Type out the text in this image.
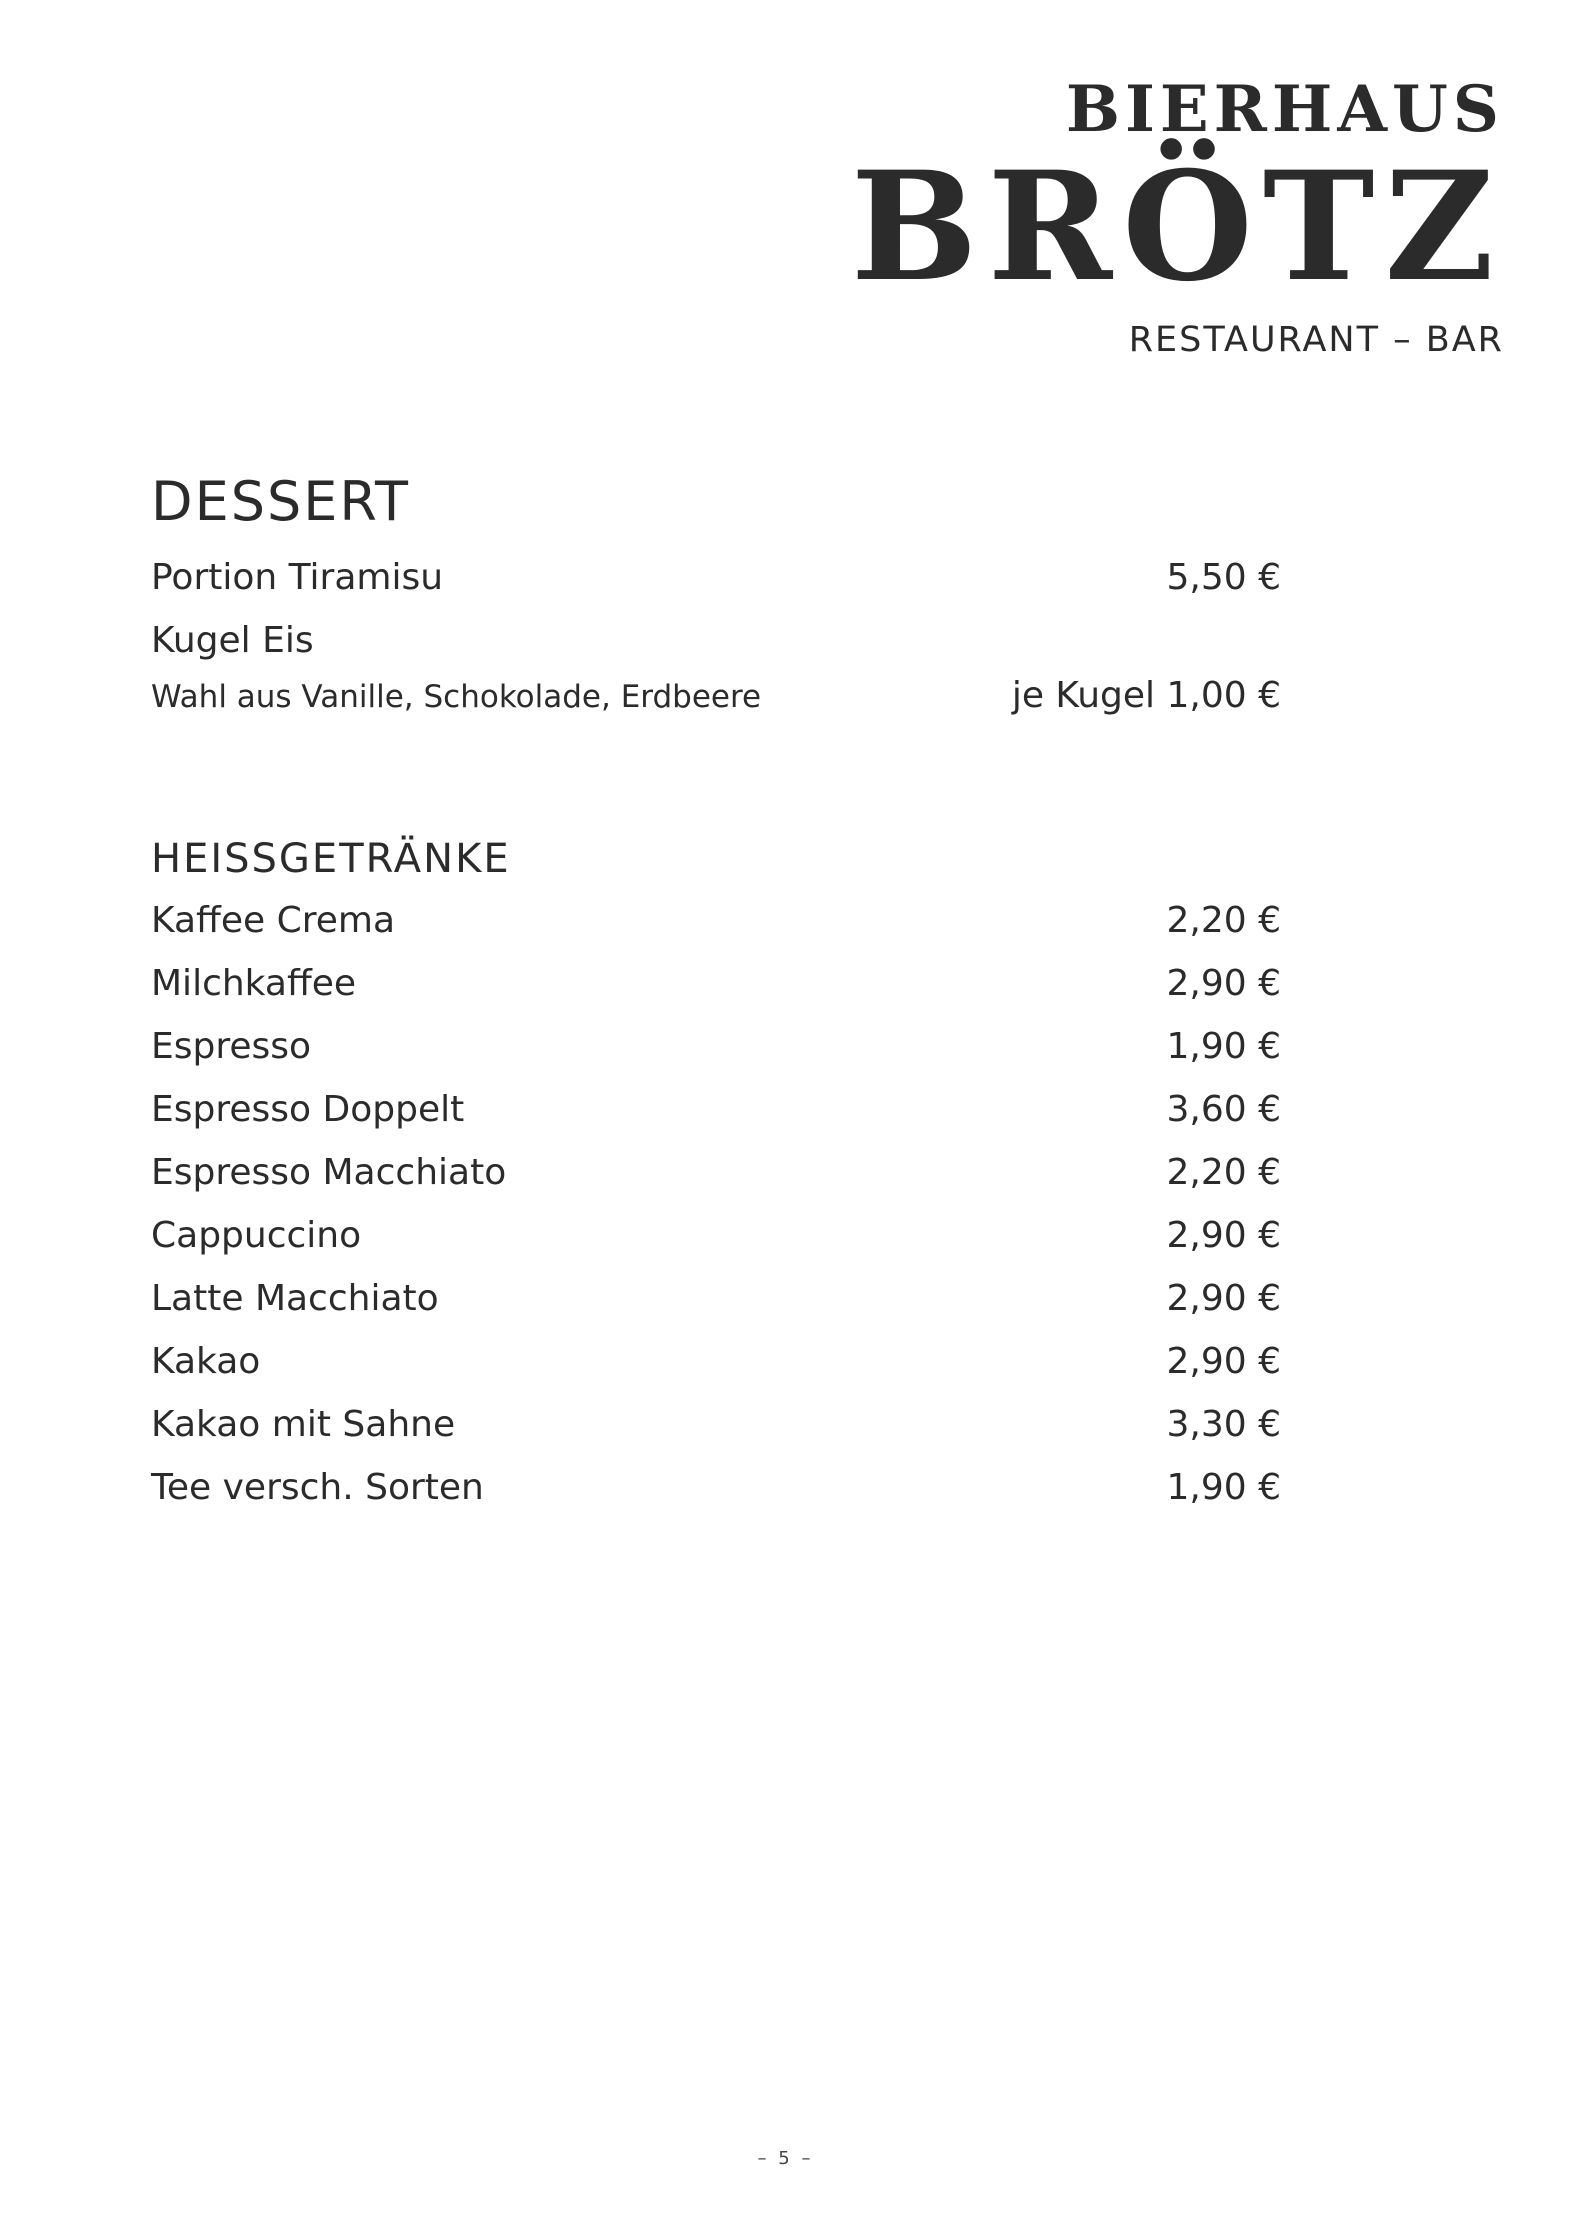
BIERHAUS
BRÖTZ
RESTAURANT – BAR
DESSERT
Portion Tiramisu	5,50 €
Kugel Eis
Wahl aus Vanille, Schokolade, Erdbeere	je Kugel 1,00 €
HEISSGETRÄNKE
Kaffee Crema	2,20 €
Milchkaffee	2,90 €
Espresso	1,90 €
Espresso Doppelt	3,60 €
Espresso Macchiato	2,20 €
Cappuccino	2,90 €
Latte Macchiato	2,90 €
Kakao	2,90 €
Kakao mit Sahne	3,30 €
Tee versch. Sorten	1,90 €
– 5 –
